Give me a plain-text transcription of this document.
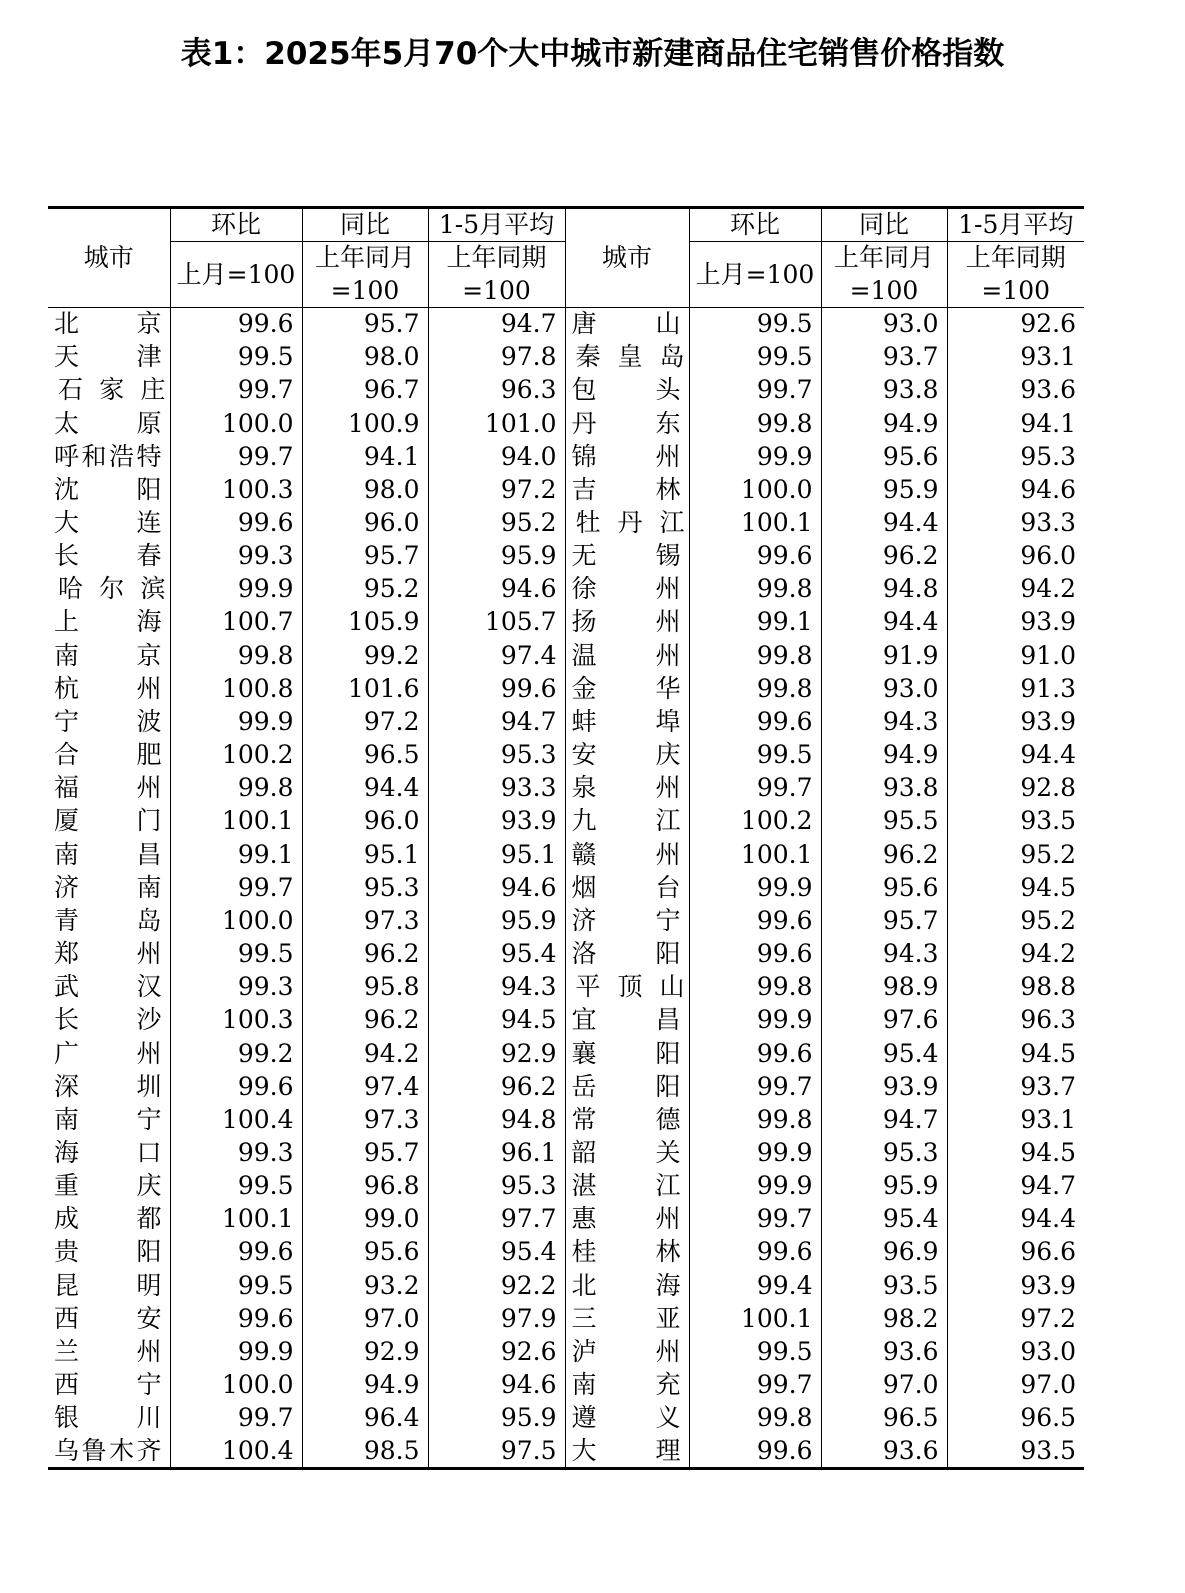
表1：2025年5月70个大中城市新建商品住宅销售价格指数
城市	环比	同比	1-5月平均	城市	环比	同比	1-5月平均
	上月=100	上年同月	上年同期		上月=100	上年同月	上年同期
		=100	=100			=100	=100

北 京	99.6	95.7	94.7	唐 山	99.5	93.0	92.6

天 津	99.5	98.0	97.8	秦 皇 岛	99.5	93.7	93.1

石 家 庄	99.7	96.7	96.3	包 头	99.7	93.8	93.6

太 原	100.0	100.9	101.0	丹 东	99.8	94.9	94.1

呼 和 浩 特	99.7	94.1	94.0	锦 州	99.9	95.6	95.3

沈 阳	100.3	98.0	97.2	吉 林	100.0	95.9	94.6

大 连	99.6	96.0	95.2	牡 丹 江	100.1	94.4	93.3

长 春	99.3	95.7	95.9	无 锡	99.6	96.2	96.0

哈 尔 滨	99.9	95.2	94.6	徐 州	99.8	94.8	94.2

上 海	100.7	105.9	105.7	扬 州	99.1	94.4	93.9

南 京	99.8	99.2	97.4	温 州	99.8	91.9	91.0

杭 州	100.8	101.6	99.6	金 华	99.8	93.0	91.3

宁 波	99.9	97.2	94.7	蚌 埠	99.6	94.3	93.9

合 肥	100.2	96.5	95.3	安 庆	99.5	94.9	94.4

福 州	99.8	94.4	93.3	泉 州	99.7	93.8	92.8

厦 门	100.1	96.0	93.9	九 江	100.2	95.5	93.5

南 昌	99.1	95.1	95.1	赣 州	100.1	96.2	95.2

济 南	99.7	95.3	94.6	烟 台	99.9	95.6	94.5

青 岛	100.0	97.3	95.9	济 宁	99.6	95.7	95.2

郑 州	99.5	96.2	95.4	洛 阳	99.6	94.3	94.2

武 汉	99.3	95.8	94.3	平 顶 山	99.8	98.9	98.8

长 沙	100.3	96.2	94.5	宜 昌	99.9	97.6	96.3

广 州	99.2	94.2	92.9	襄 阳	99.6	95.4	94.5

深 圳	99.6	97.4	96.2	岳 阳	99.7	93.9	93.7

南 宁	100.4	97.3	94.8	常 德	99.8	94.7	93.1

海 口	99.3	95.7	96.1	韶 关	99.9	95.3	94.5

重 庆	99.5	96.8	95.3	湛 江	99.9	95.9	94.7

成 都	100.1	99.0	97.7	惠 州	99.7	95.4	94.4

贵 阳	99.6	95.6	95.4	桂 林	99.6	96.9	96.6

昆 明	99.5	93.2	92.2	北 海	99.4	93.5	93.9

西 安	99.6	97.0	97.9	三 亚	100.1	98.2	97.2

兰 州	99.9	92.9	92.6	泸 州	99.5	93.6	93.0

西 宁	100.0	94.9	94.6	南 充	99.7	97.0	97.0

银 川	99.7	96.4	95.9	遵 义	99.8	96.5	96.5

乌 鲁 木 齐	100.4	98.5	97.5	大 理	99.6	93.6	93.5
